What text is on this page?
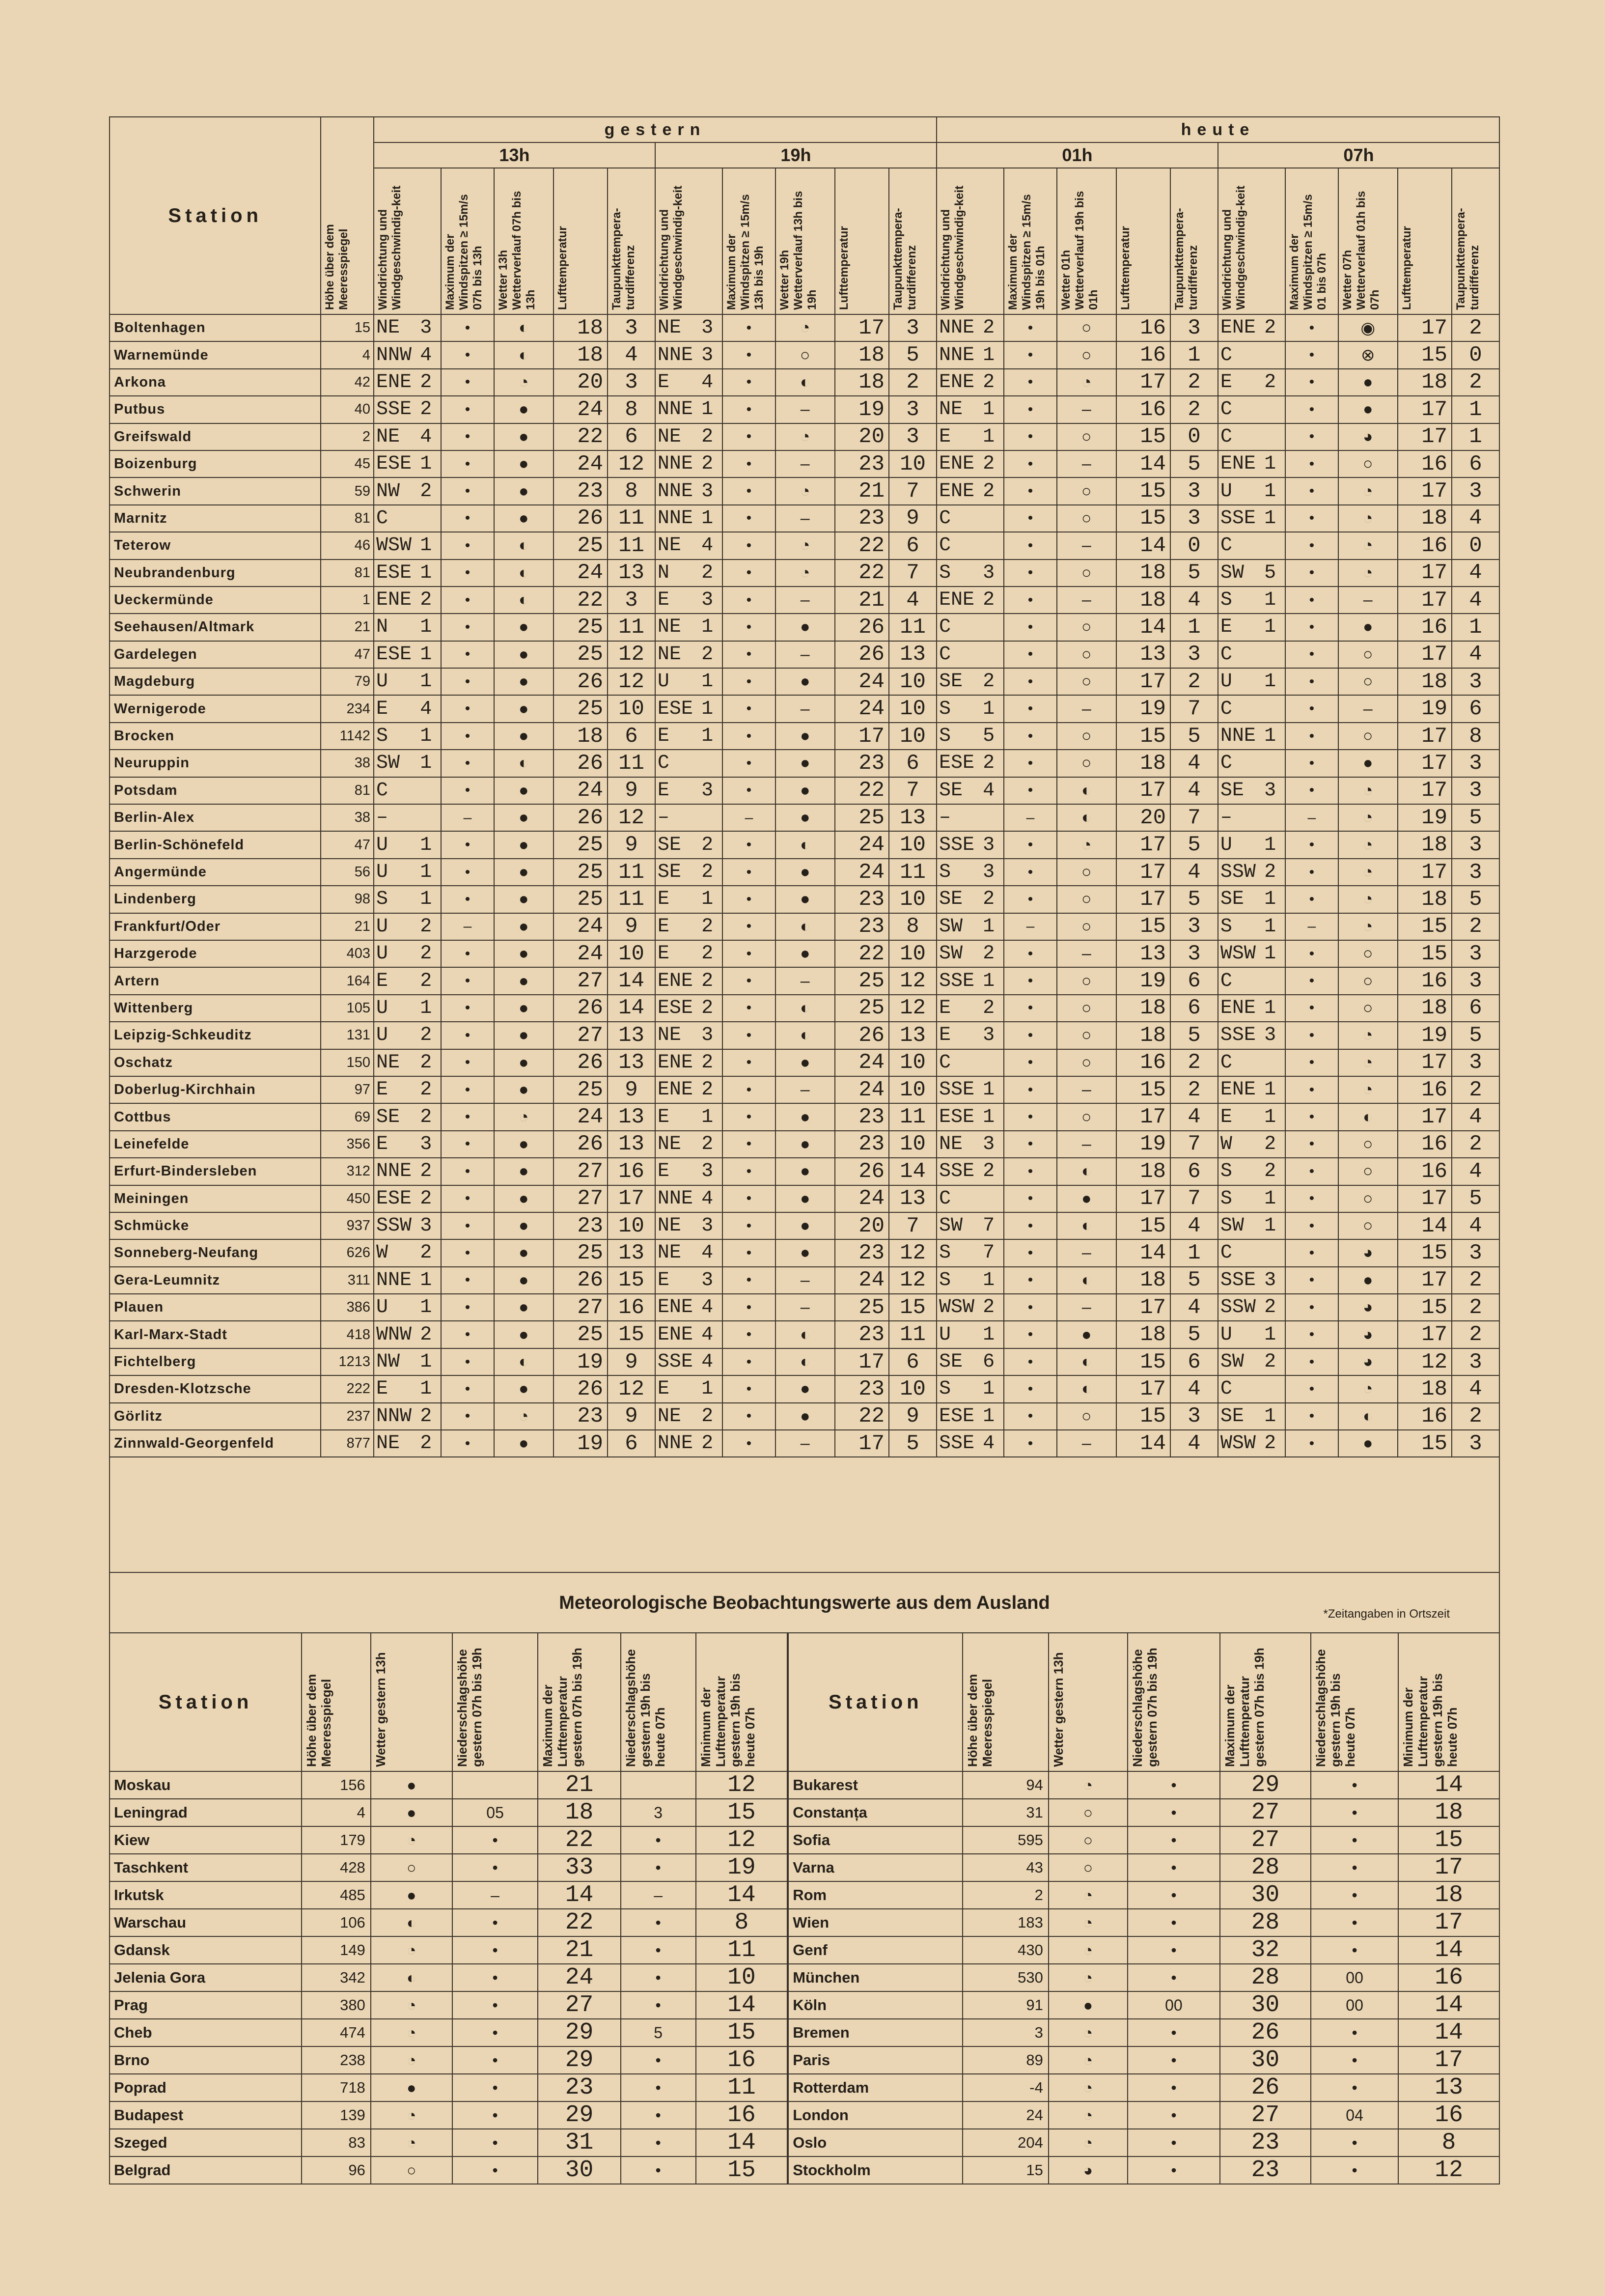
Station	Höhe über dem Meeresspiegel	gestern										heute									
		13h					19h					01h					07h				

		Windrichtung und Windgeschwindig-keit	Maximum der Windspitzen ≥ 15m/s 07h bis 13h	Wetter 13h Wetterverlauf 07h bis 13h	Lufttemperatur	Taupunkttempera-turdifferenz	Windrichtung und Windgeschwindig-keit	Maximum der Windspitzen ≥ 15m/s 13h bis 19h	Wetter 19h Wetterverlauf 13h bis 19h	Lufttemperatur	Taupunkttempera-turdifferenz	Windrichtung und Windgeschwindig-keit	Maximum der Windspitzen ≥ 15m/s 19h bis 01h	Wetter 01h Wetterverlauf 19h bis 01h	Lufttemperatur	Taupunkttempera-turdifferenz	Windrichtung und Windgeschwindig-keit	Maximum der Windspitzen ≥ 15m/s 01 bis 07h	Wetter 07h Wetterverlauf 01h bis 07h	Lufttemperatur	Taupunkttempera-turdifferenz

Boltenhagen	15	NE 3	•	◐	18	3	NE 3	•	◔	17	3	NNE 2	•	○	16	3	ENE 2	•	◉	17	2
Warnemünde	4	NNW 4	•	◐	18	4	NNE 3	•	○	18	5	NNE 1	•	○	16	1	C	•	⊗	15	0
Arkona	42	ENE 2	•	◔	20	3	E 4	•	◐	18	2	ENE 2	•	◔	17	2	E 2	•	●	18	2
Putbus	40	SSE 2	•	●	24	8	NNE 1	•	–	19	3	NE 1	•	–	16	2	C	•	●	17	1
Greifswald	2	NE 4	•	●	22	6	NE 2	•	◔	20	3	E 1	•	○	15	0	C	•	◕	17	1
Boizenburg	45	ESE 1	•	●	24	12	NNE 2	•	–	23	10	ENE 2	•	–	14	5	ENE 1	•	○	16	6
Schwerin	59	NW 2	•	●	23	8	NNE 3	•	◔	21	7	ENE 2	•	○	15	3	U 1	•	◔	17	3
Marnitz	81	C	•	●	26	11	NNE 1	•	–	23	9	C	•	○	15	3	SSE 1	•	◔	18	4
Teterow	46	WSW 1	•	◐	25	11	NE 4	•	◔	22	6	C	•	–	14	0	C	•	◔	16	0
Neubrandenburg	81	ESE 1	•	◐	24	13	N 2	•	◔	22	7	S 3	•	○	18	5	SW 5	•	◔	17	4
Ueckermünde	1	ENE 2	•	◐	22	3	E 3	•	–	21	4	ENE 2	•	–	18	4	S 1	•	–	17	4
Seehausen/Altmark	21	N 1	•	●	25	11	NE 1	•	●	26	11	C	•	○	14	1	E 1	•	●	16	1
Gardelegen	47	ESE 1	•	●	25	12	NE 2	•	–	26	13	C	•	○	13	3	C	•	○	17	4
Magdeburg	79	U 1	•	●	26	12	U 1	•	●	24	10	SE 2	•	○	17	2	U 1	•	○	18	3
Wernigerode	234	E 4	•	●	25	10	ESE 1	•	–	24	10	S 1	•	–	19	7	C	•	–	19	6
Brocken	1142	S 1	•	●	18	6	E 1	•	●	17	10	S 5	•	○	15	5	NNE 1	•	○	17	8
Neuruppin	38	SW 1	•	◐	26	11	C	•	●	23	6	ESE 2	•	○	18	4	C	•	●	17	3
Potsdam	81	C	•	●	24	9	E 3	•	●	22	7	SE 4	•	◐	17	4	SE 3	•	◔	17	3
Berlin-Alex	38	–	–	●	26	12	–	–	●	25	13	–	–	◐	20	7	–	–	◔	19	5
Berlin-Schönefeld	47	U 1	•	●	25	9	SE 2	•	◐	24	10	SSE 3	•	◔	17	5	U 1	•	◔	18	3
Angermünde	56	U 1	•	●	25	11	SE 2	•	●	24	11	S 3	•	○	17	4	SSW 2	•	◔	17	3
Lindenberg	98	S 1	•	●	25	11	E 1	•	●	23	10	SE 2	•	○	17	5	SE 1	•	◔	18	5
Frankfurt/Oder	21	U 2	–	●	24	9	E 2	•	◐	23	8	SW 1	–	○	15	3	S 1	–	◔	15	2
Harzgerode	403	U 2	•	●	24	10	E 2	•	●	22	10	SW 2	•	–	13	3	WSW 1	•	○	15	3
Artern	164	E 2	•	●	27	14	ENE 2	•	–	25	12	SSE 1	•	○	19	6	C	•	○	16	3
Wittenberg	105	U 1	•	●	26	14	ESE 2	•	◐	25	12	E 2	•	○	18	6	ENE 1	•	○	18	6
Leipzig-Schkeuditz	131	U 2	•	●	27	13	NE 3	•	◐	26	13	E 3	•	○	18	5	SSE 3	•	◔	19	5
Oschatz	150	NE 2	•	●	26	13	ENE 2	•	●	24	10	C	•	○	16	2	C	•	◔	17	3
Doberlug-Kirchhain	97	E 2	•	●	25	9	ENE 2	•	–	24	10	SSE 1	•	–	15	2	ENE 1	•	◔	16	2
Cottbus	69	SE 2	•	◔	24	13	E 1	•	●	23	11	ESE 1	•	○	17	4	E 1	•	◐	17	4
Leinefelde	356	E 3	•	●	26	13	NE 2	•	●	23	10	NE 3	•	–	19	7	W 2	•	○	16	2
Erfurt-Bindersleben	312	NNE 2	•	●	27	16	E 3	•	●	26	14	SSE 2	•	◐	18	6	S 2	•	○	16	4
Meiningen	450	ESE 2	•	●	27	17	NNE 4	•	●	24	13	C	•	●	17	7	S 1	•	○	17	5
Schmücke	937	SSW 3	•	●	23	10	NE 3	•	●	20	7	SW 7	•	◐	15	4	SW 1	•	○	14	4
Sonneberg-Neufang	626	W 2	•	●	25	13	NE 4	•	●	23	12	S 7	•	–	14	1	C	•	◕	15	3
Gera-Leumnitz	311	NNE 1	•	●	26	15	E 3	•	–	24	12	S 1	•	◐	18	5	SSE 3	•	●	17	2
Plauen	386	U 1	•	●	27	16	ENE 4	•	–	25	15	WSW 2	•	–	17	4	SSW 2	•	◕	15	2
Karl-Marx-Stadt	418	WNW 2	•	●	25	15	ENE 4	•	◐	23	11	U 1	•	●	18	5	U 1	•	◕	17	2
Fichtelberg	1213	NW 1	•	◐	19	9	SSE 4	•	◐	17	6	SE 6	•	◐	15	6	SW 2	•	◕	12	3
Dresden-Klotzsche	222	E 1	•	●	26	12	E 1	•	●	23	10	S 1	•	◐	17	4	C	•	◔	18	4
Görlitz	237	NNW 2	•	◔	23	9	NE 2	•	●	22	9	ESE 1	•	○	15	3	SE 1	•	◐	16	2
Zinnwald-Georgenfeld	877	NE 2	•	●	19	6	NNE 2	•	–	17	5	SSE 4	•	–	14	4	WSW 2	•	●	15	3
Meteorologische Beobachtungswerte aus dem Ausland
*Zeitangaben in Ortszeit
Station	Höhe über dem Meeresspiegel	Wetter gestern 13h	Niederschlagshöhe gestern 07h bis 19h	Maximum der Lufttemperatur gestern 07h bis 19h	Niederschlagshöhe gestern 19h bis heute 07h	Minimum der Lufttemperatur gestern 19h bis heute 07h	Station	Höhe über dem Meeresspiegel	Wetter gestern 13h	Niederschlagshöhe gestern 07h bis 19h	Maximum der Lufttemperatur gestern 07h bis 19h	Niederschlagshöhe gestern 19h bis heute 07h	Minimum der Lufttemperatur gestern 19h bis heute 07h

Moskau	156	●		21		12	Bukarest	94	◔	•	29	•	14
Leningrad	4	●	05	18	3	15	Constanța	31	○	•	27	•	18
Kiew	179	◔	•	22	•	12	Sofia	595	○	•	27	•	15
Taschkent	428	○	•	33	•	19	Varna	43	○	•	28	•	17
Irkutsk	485	●	–	14	–	14	Rom	2	◔	•	30	•	18
Warschau	106	◐	•	22	•	8	Wien	183	◔	•	28	•	17
Gdansk	149	◔	•	21	•	11	Genf	430	◔	•	32	•	14
Jelenia Gora	342	◐	•	24	•	10	München	530	◔	•	28	00	16
Prag	380	◔	•	27	•	14	Köln	91	●	00	30	00	14
Cheb	474	◔	•	29	5	15	Bremen	3	◔	•	26	•	14
Brno	238	◔	•	29	•	16	Paris	89	◔	•	30	•	17
Poprad	718	●	•	23	•	11	Rotterdam	-4	◔	•	26	•	13
Budapest	139	◔	•	29	•	16	London	24	◔	•	27	04	16
Szeged	83	◔	•	31	•	14	Oslo	204	◔	•	23	•	8
Belgrad	96	○	•	30	•	15	Stockholm	15	◕	•	23	•	12
